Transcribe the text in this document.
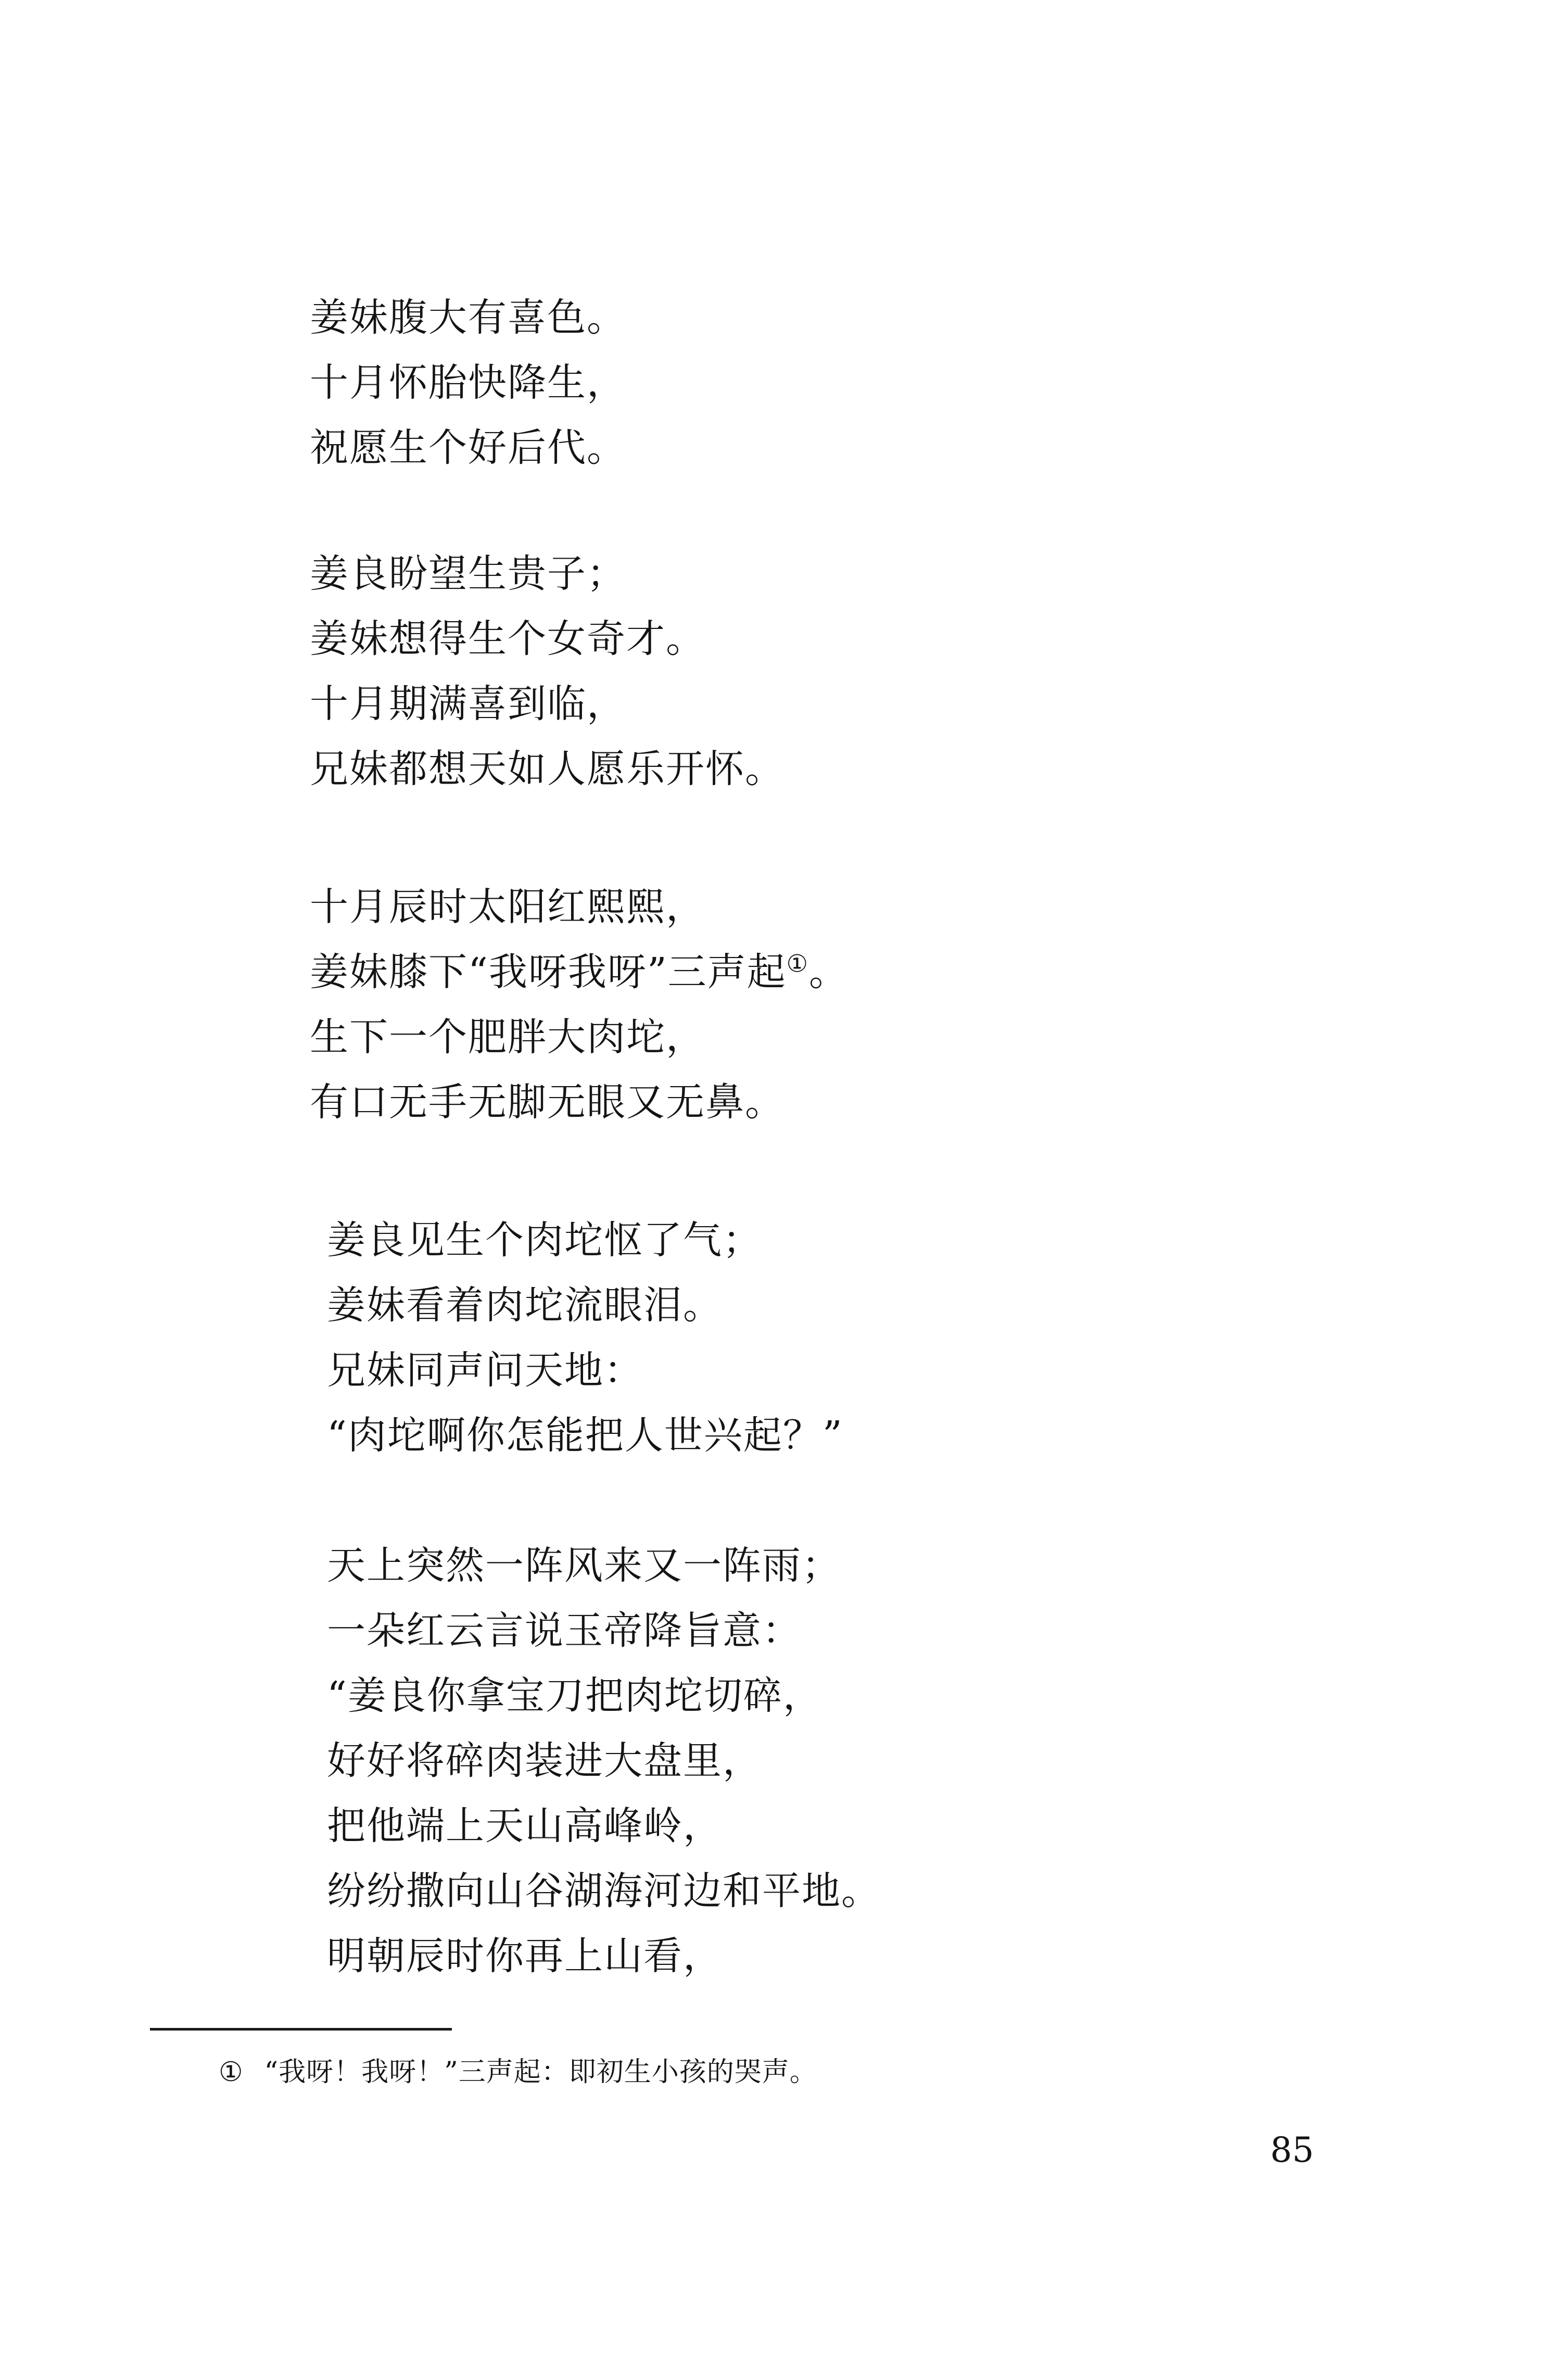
姜妹腹大有喜色。
十月怀胎快降生，
祝愿生个好后代。
姜良盼望生贵子；
姜妹想得生个女奇才。
十月期满喜到临，
兄妹都想天如人愿乐开怀。
十月辰时太阳红熙熙，
姜妹膝下“我呀我呀”三声起①。
生下一个肥胖大肉坨，
有口无手无脚无眼又无鼻。
姜良见生个肉坨怄了气；
姜妹看着肉坨流眼泪。
兄妹同声问天地：
“肉坨啊你怎能把人世兴起？”
天上突然一阵风来又一阵雨；
一朵红云言说玉帝降旨意：
“姜良你拿宝刀把肉坨切碎，
好好将碎肉装进大盘里，
把他端上天山高峰岭，
纷纷撒向山谷湖海河边和平地。
明朝辰时你再上山看，
① “我呀！我呀！”三声起：即初生小孩的哭声。
85
